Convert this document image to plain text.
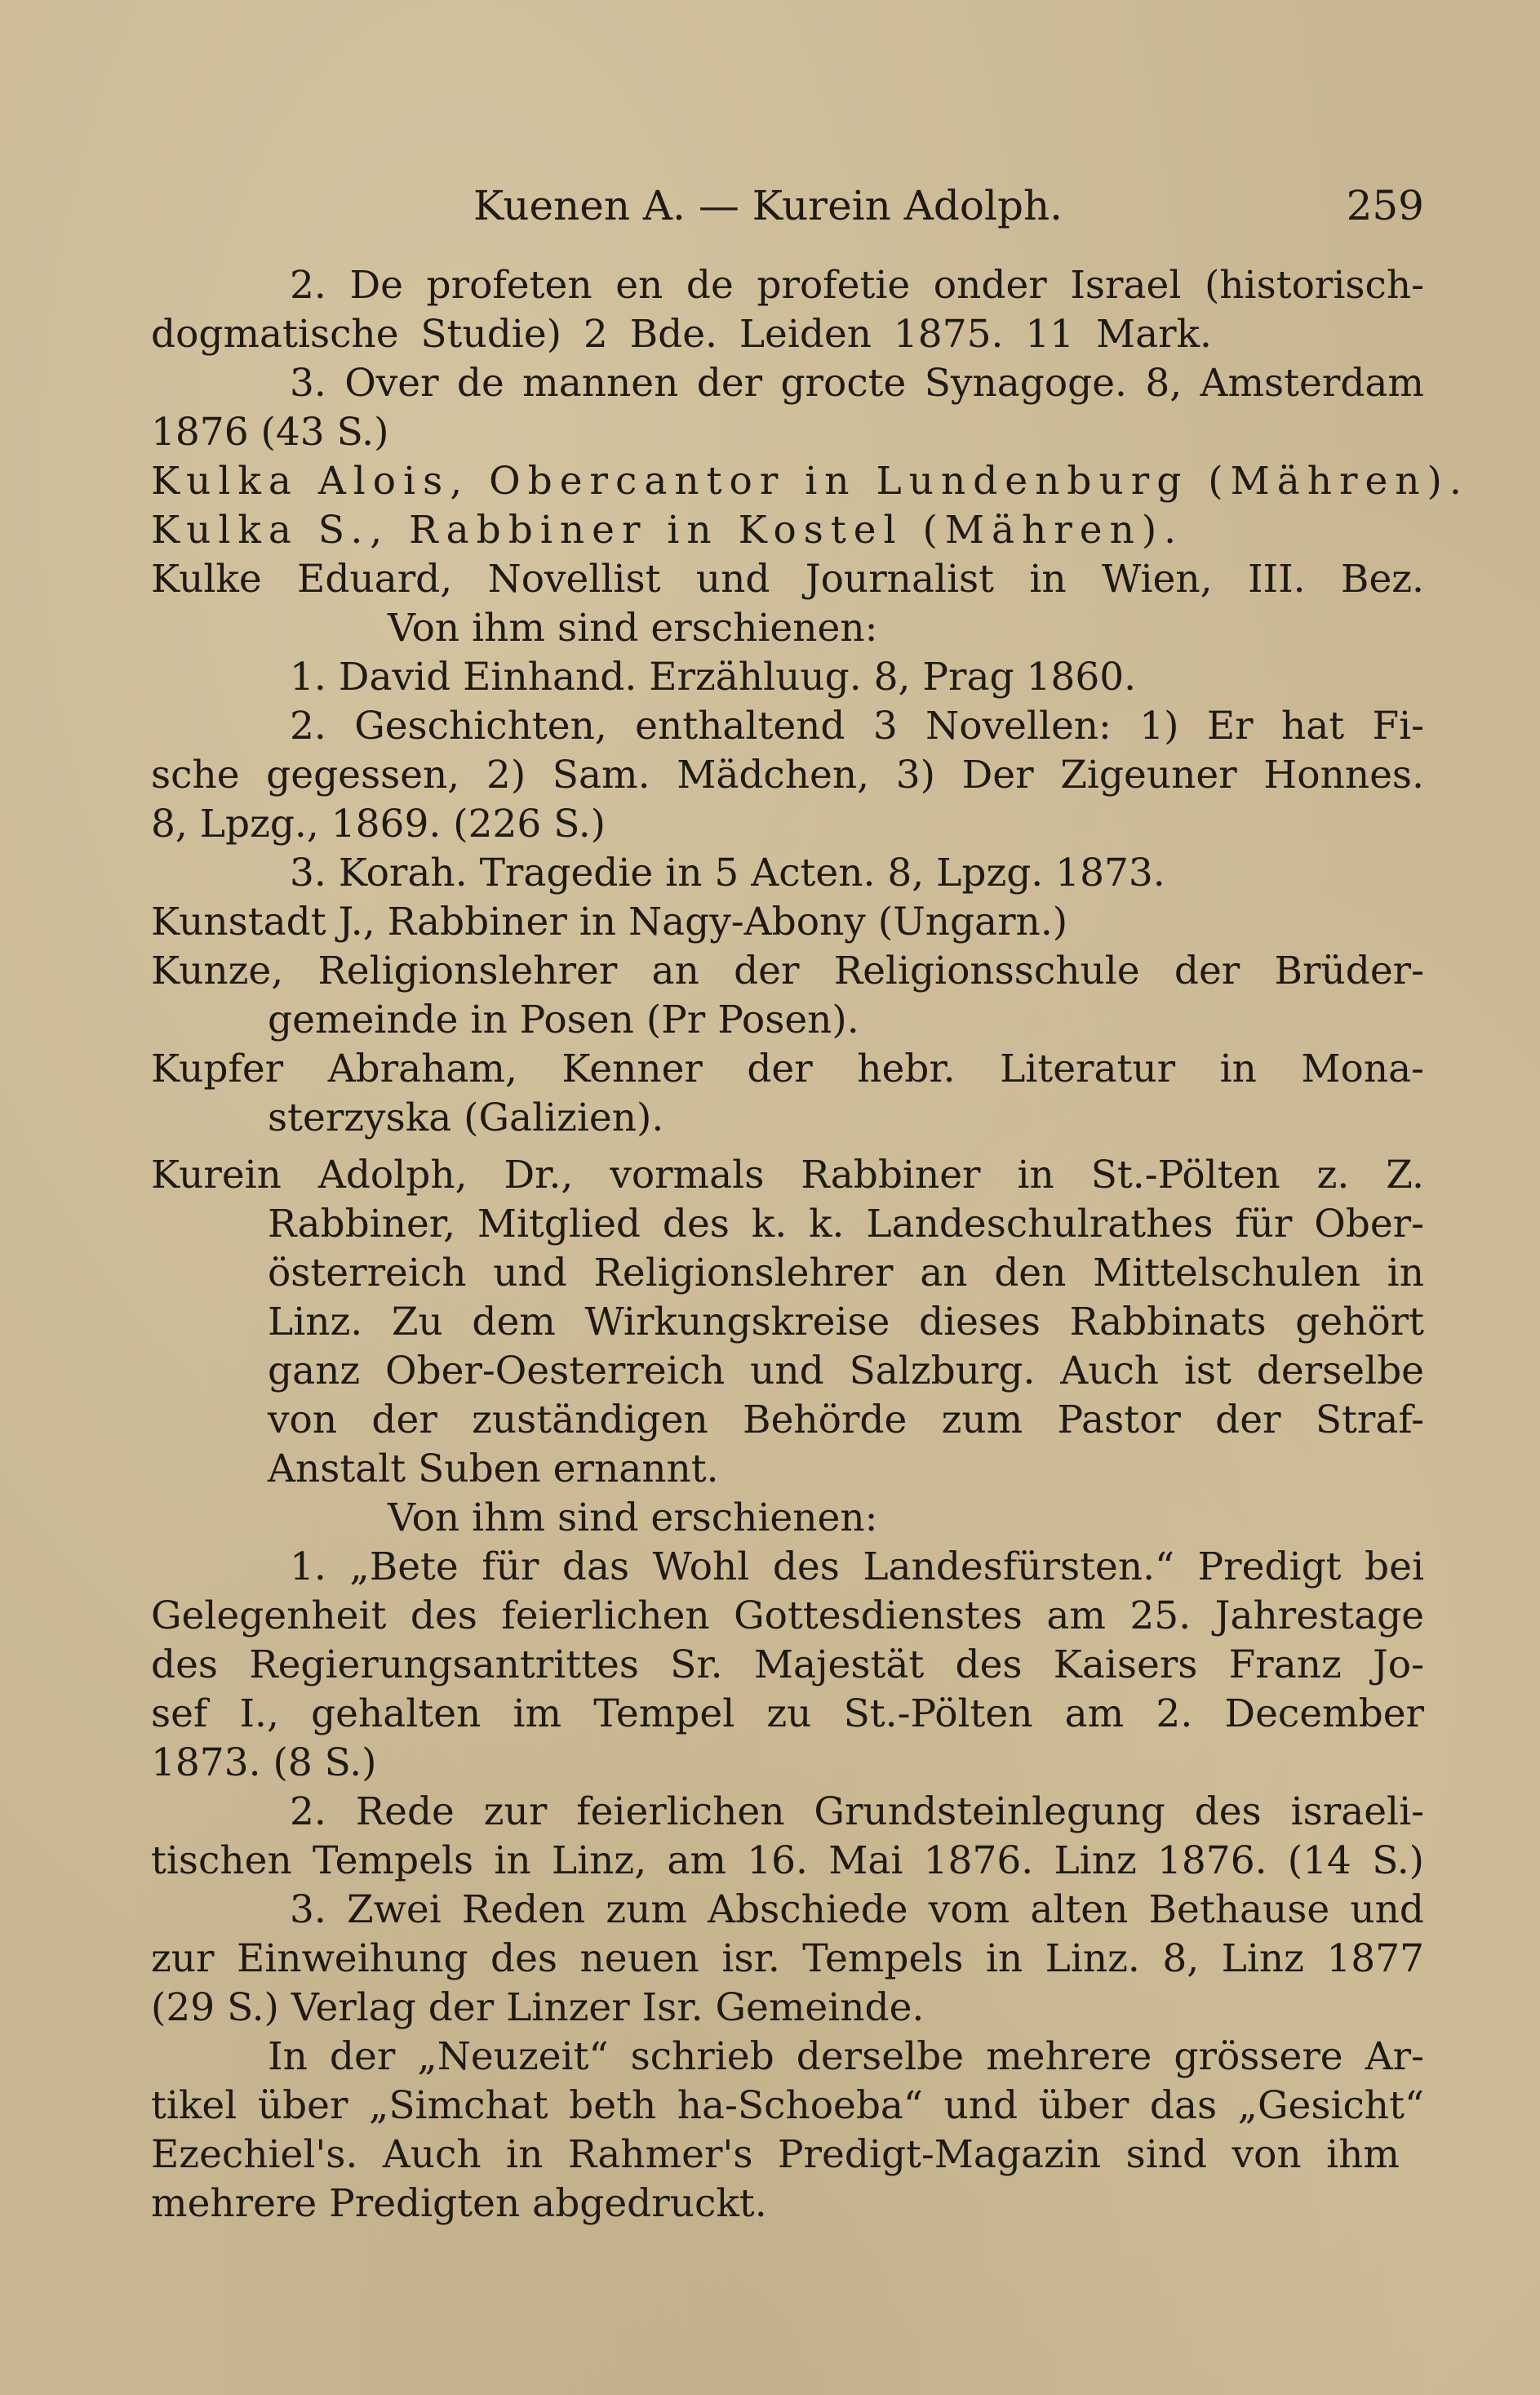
Kuenen A. — Kurein Adolph.	259
2. De profeten en de profetie onder Israel (historisch-
dogmatische Studie) 2 Bde. Leiden 1875. 11 Mark.
3. Over de mannen der grocte Synagoge. 8, Amsterdam
1876 (43 S.)
Kulka Alois, Obercantor in Lundenburg (Mähren).
Kulka S., Rabbiner in Kostel (Mähren).
Kulke Eduard, Novellist und Journalist in Wien, III. Bez.
Von ihm sind erschienen:
1. David Einhand. Erzähluug. 8, Prag 1860.
2. Geschichten, enthaltend 3 Novellen: 1) Er hat Fi-
sche gegessen, 2) Sam. Mädchen, 3) Der Zigeuner Honnes.
8, Lpzg., 1869. (226 S.)
3. Korah. Tragedie in 5 Acten. 8, Lpzg. 1873.
Kunstadt J., Rabbiner in Nagy-Abony (Ungarn.)
Kunze, Religionslehrer an der Religionsschule der Brüder-
gemeinde in Posen (Pr Posen).
Kupfer Abraham, Kenner der hebr. Literatur in Mona-
sterzyska (Galizien).
Kurein Adolph, Dr., vormals Rabbiner in St.-Pölten z. Z.
Rabbiner, Mitglied des k. k. Landeschulrathes für Ober-
österreich und Religionslehrer an den Mittelschulen in
Linz. Zu dem Wirkungskreise dieses Rabbinats gehört
ganz Ober-Oesterreich und Salzburg. Auch ist derselbe
von der zuständigen Behörde zum Pastor der Straf-
Anstalt Suben ernannt.
Von ihm sind erschienen:
1. „Bete für das Wohl des Landesfürsten.“ Predigt bei
Gelegenheit des feierlichen Gottesdienstes am 25. Jahrestage
des Regierungsantrittes Sr. Majestät des Kaisers Franz Jo-
sef I., gehalten im Tempel zu St.-Pölten am 2. December
1873. (8 S.)
2. Rede zur feierlichen Grundsteinlegung des israeli-
tischen Tempels in Linz, am 16. Mai 1876. Linz 1876. (14 S.)
3. Zwei Reden zum Abschiede vom alten Bethause und
zur Einweihung des neuen isr. Tempels in Linz. 8, Linz 1877
(29 S.) Verlag der Linzer Isr. Gemeinde.
In der „Neuzeit“ schrieb derselbe mehrere grössere Ar-
tikel über „Simchat beth ha-Schoeba“ und über das „Gesicht“
Ezechiel's. Auch in Rahmer's Predigt-Magazin sind von ihm
mehrere Predigten abgedruckt.
